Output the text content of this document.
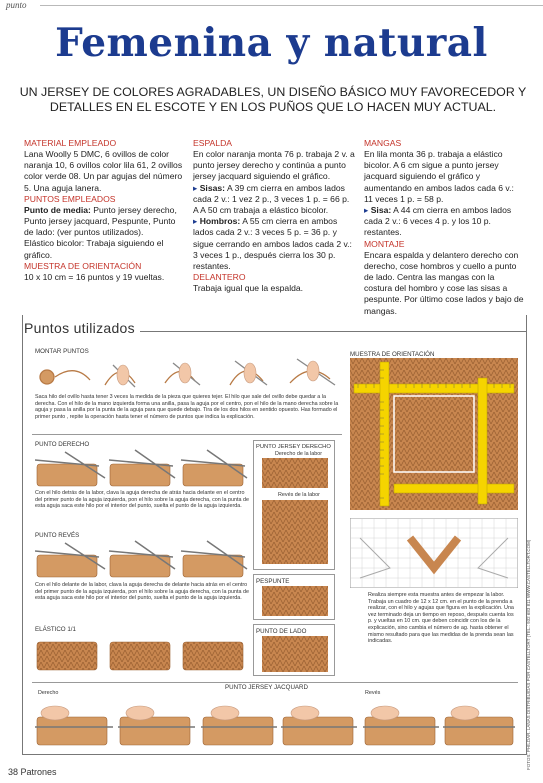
punto
Femenina y natural

UN JERSEY DE COLORES AGRADABLES, UN DISEÑO BÁSICO MUY FAVORECEDOR Y DETALLES EN EL ESCOTE Y EN LOS PUÑOS QUE LO HACEN MUY ACTUAL.

MATERIAL EMPLEADO
Lana Woolly 5 DMC, 6 ovillos de color naranja 10, 6 ovillos color lila 61, 2 ovillos color verde 08. Un par agujas del número 5. Una aguja lanera.
PUNTOS EMPLEADOS
Punto de media: Punto jersey derecho, Punto jersey jacquard, Pespunte, Punto de lado: (ver puntos utilizados).
Elástico bicolor: Trabaja siguiendo el gráfico.
MUESTRA DE ORIENTACIÓN
10 x 10 cm = 16 puntos y 19 vueltas.
ESPALDA
En color naranja monta 76 p. trabaja 2 v. a punto jersey derecho y continúa a punto jersey jacquard siguiendo el gráfico.
▸ Sisas: A 39 cm cierra en ambos lados cada 2 v.: 1 vez 2 p., 3 veces 1 p. = 66 p. A A 50 cm trabaja a elástico bicolor.
▸ Hombros: A 55 cm cierra en ambos lados cada 2 v.: 3 veces 5 p. = 36 p. y sigue cerrando en ambos lados cada 2 v.: 3 veces 1 p., después cierra los 30 p. restantes.
DELANTERO
Trabaja igual que la espalda.
MANGAS
En lila monta 36 p. trabaja a elástico bicolor. A 6 cm sigue a punto jersey jacquard siguiendo el gráfico y aumentando en ambos lados cada 6 v.: 11 veces 1 p. = 58 p.
▸ Sisa: A 44 cm cierra en ambos lados cada 2 v.: 6 veces 4 p. y los 10 p. restantes.
MONTAJE
Encara espalda y delantero derecho con derecho, cose hombros y cuello a punto de lado. Centra las mangas con la costura del hombro y cose las sisas a pespunte. Por último cose lados y bajo de mangas.
Puntos utilizados
MONTAR PUNTOS
Saca hilo del ovillo hasta tener 3 veces la medida de la pieza que quieres tejer. El hilo que sale del ovillo debe quedar a la derecha. Con el hilo de la mano izquierda forma una anilla, pasa la aguja por el centro, pon el hilo de la mano derecha sobre la aguja y pasa la anilla por la punta de la aguja para que quede debajo. Tira de los dos hilos en sentido opuesto. Has formado el primer punto , repite la operación hasta tener el número de puntos que indica la explicación.
MUESTRA DE ORIENTACIÓN
PUNTO DERECHO
Con el hilo detrás de la labor, clava la aguja derecha de atrás hacia delante en el centro del primer punto de la aguja izquierda, pon el hilo sobre la aguja derecha, con la punta de esta aguja saca este hilo por el interior del punto, suelta el punto de la aguja izquierda.
PUNTO REVÉS
Con el hilo delante de la labor, clava la aguja derecha de delante hacia atrás en el centro del primer punto de la aguja izquierda, pon el hilo sobre la aguja derecha, con la punta de esta aguja saca este hilo por el interior del punto, suelta el punto de la aguja izquierda.
ELÁSTICO 1/1
PUNTO JERSEY DERECHO
Derecho de la labor
Revés de la labor
PESPUNTE
PUNTO DE LADO
Realiza siempre esta muestra antes de empezar la labor. Trabaja un cuadro de 12 x 12 cm. en el punto de la prenda a realizar, con el hilo y agujas que figura en la explicación. Una vez terminado deja un tiempo en reposo, después cuenta los p. y vueltas en 10 cm. que deben coincidir con los de la explicación, sino cambia el número de ag. hasta obtener el mismo resultado para que las medidas de la prenda sean las indicadas.
PUNTO JERSEY JACQUARD
Derecho	Revés	FOTOS: PHILDAR. LANAS DISTRIBUIDAS POR CASTELLTORT (TEL.: 932 683 811 WWW.CASTELLTORT.COM)
38 Patrones
